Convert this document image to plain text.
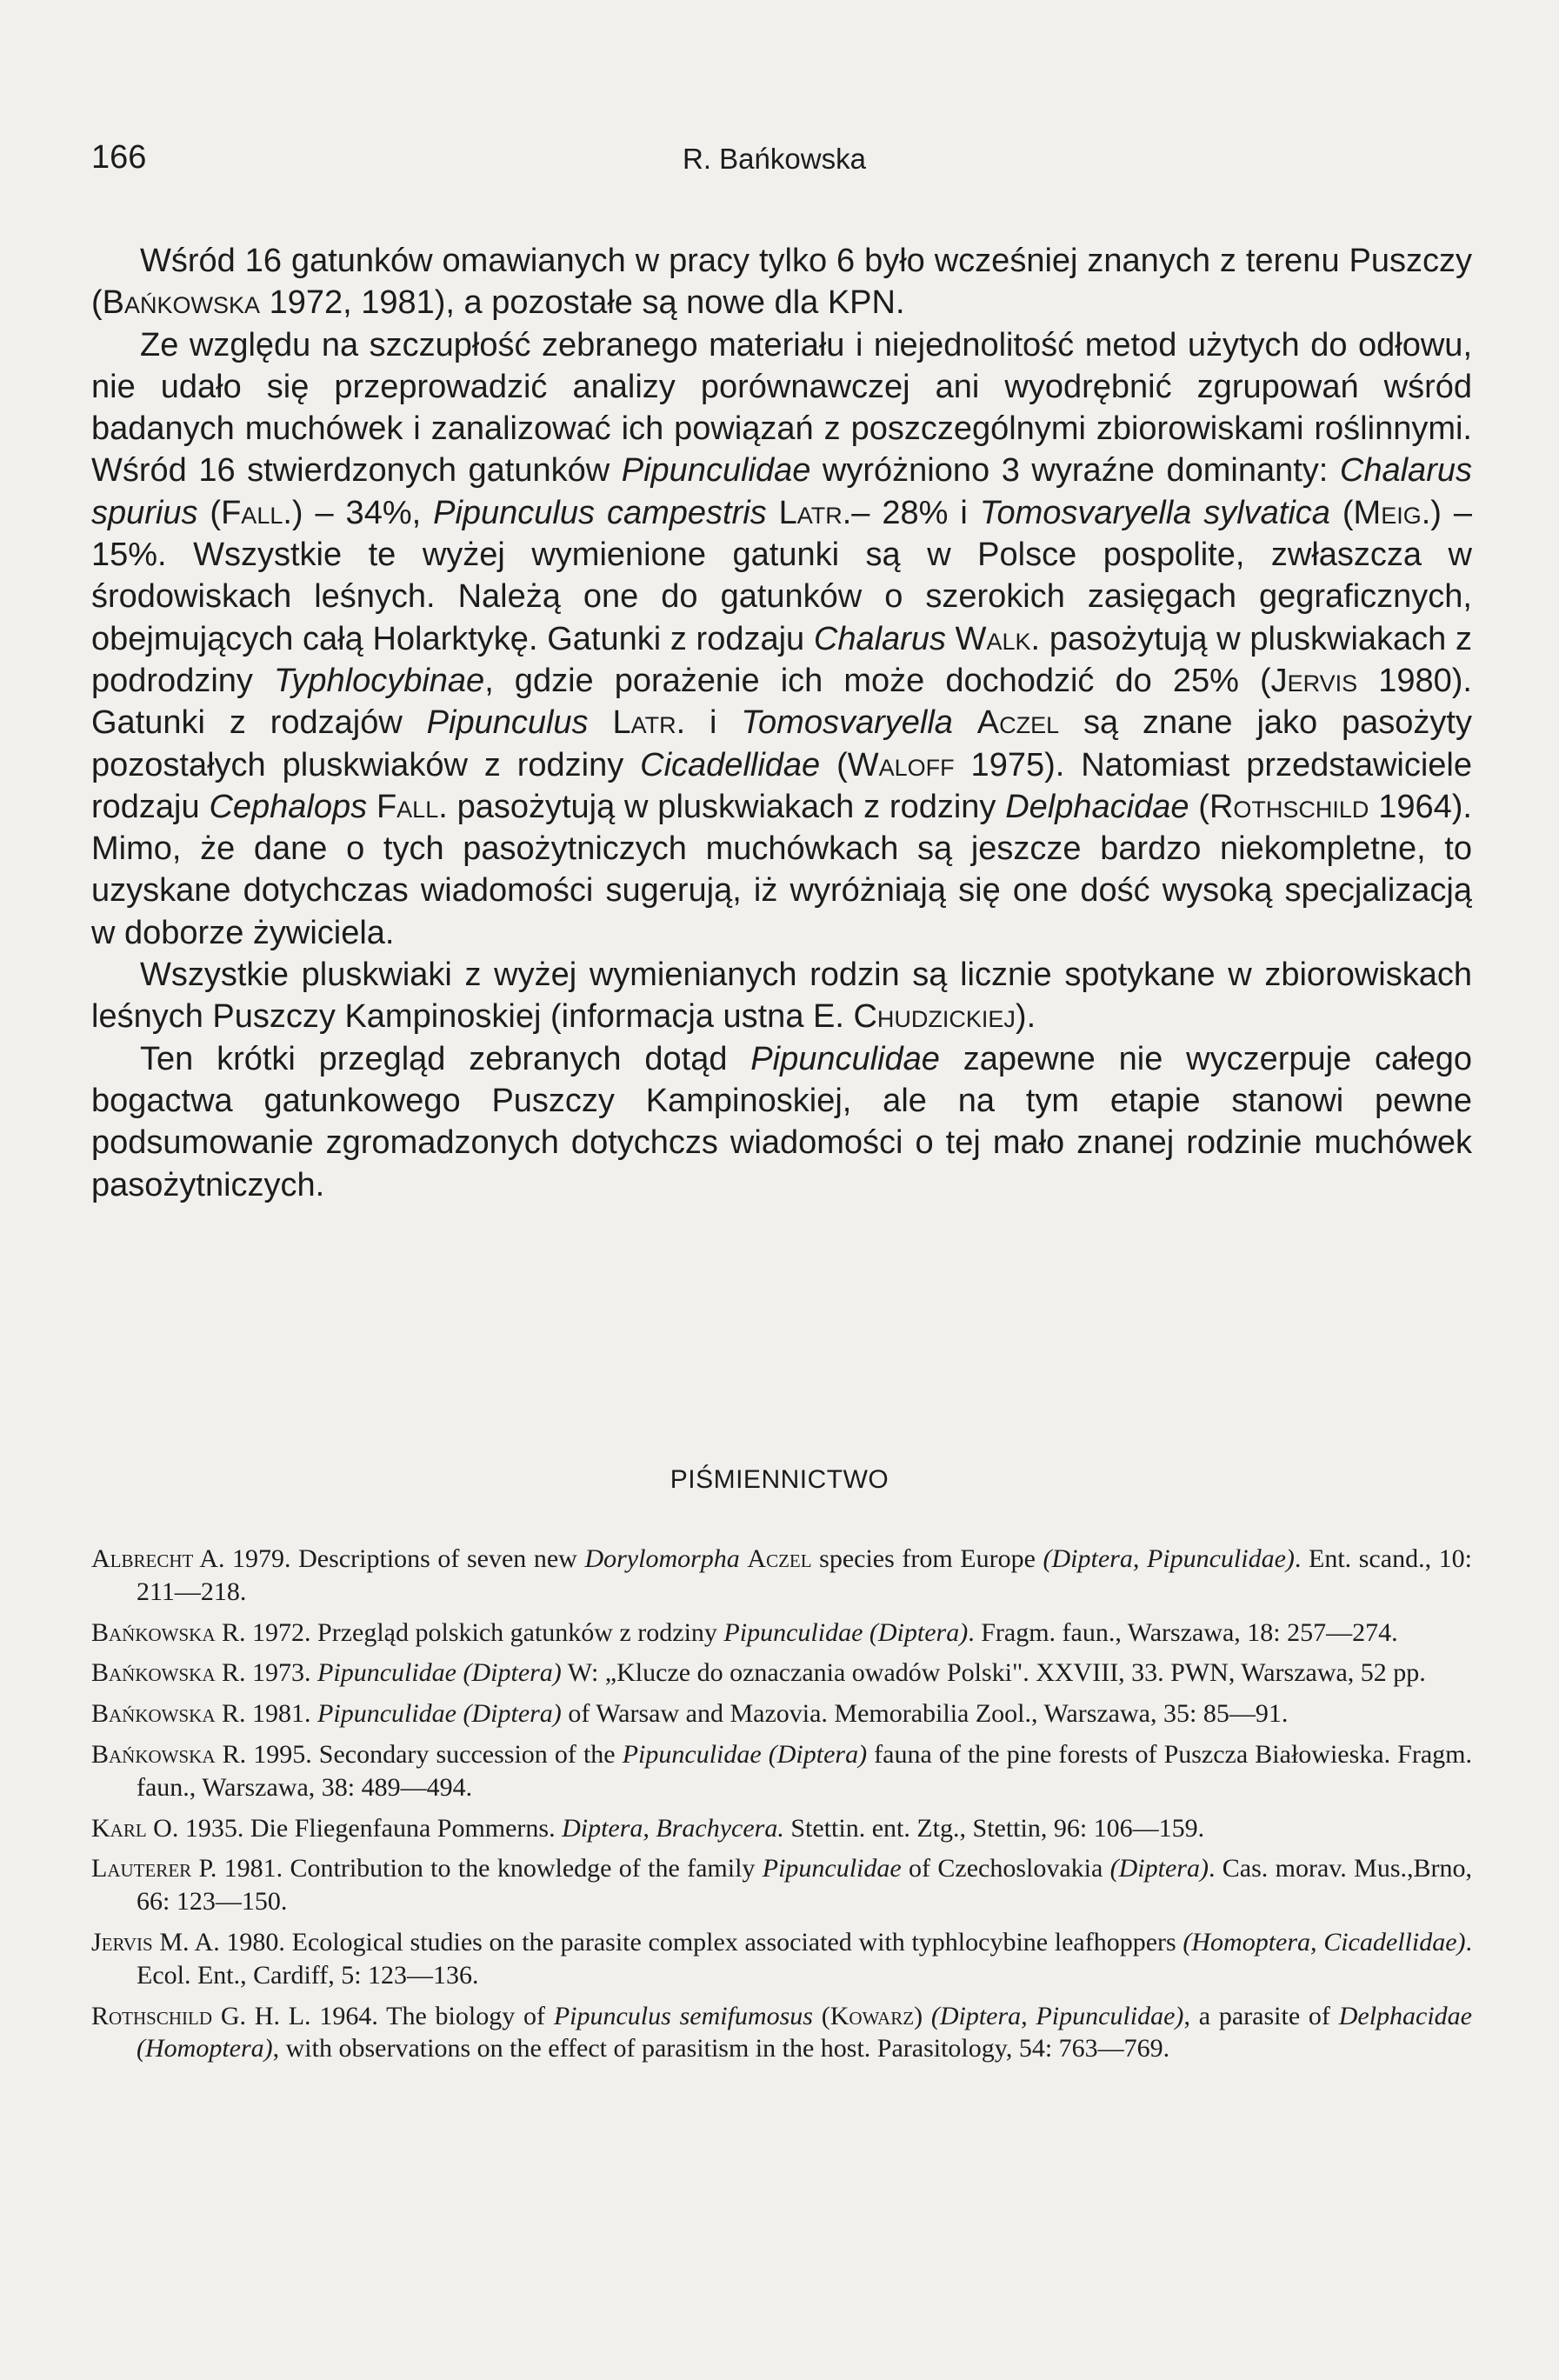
166	R. Bańkowska

Wśród 16 gatunków omawianych w pracy tylko 6 było wcześniej znanych z terenu Puszczy (Bańkowska 1972, 1981), a pozostałe są nowe dla KPN.

Ze względu na szczupłość zebranego materiału i niejednolitość metod użytych do odłowu, nie udało się przeprowadzić analizy porównawczej ani wyodrębnić zgrupowań wśród badanych muchówek i zanalizować ich powiązań z poszczególnymi zbiorowiskami roślinnymi. Wśród 16 stwierdzonych gatunków Pipunculidae wyróżniono 3 wyraźne dominanty: Chalarus spurius (Fall.) – 34%, Pipunculus campestris Latr.– 28% i Tomosvaryella sylvatica (Meig.) – 15%. Wszystkie te wyżej wymienione gatunki są w Polsce pospolite, zwłaszcza w środowiskach leśnych. Należą one do gatunków o szerokich zasięgach gegraficznych, obejmujących całą Holarktykę. Gatunki z rodzaju Chalarus Walk. pasożytują w pluskwiakach z podrodziny Typhlocybinae, gdzie porażenie ich może dochodzić do 25% (Jervis 1980). Gatunki z rodzajów Pipunculus Latr. i Tomosvaryella Aczel są znane jako pasożyty pozostałych pluskwiaków z rodziny Cicadellidae (Waloff 1975). Natomiast przedstawiciele rodzaju Cephalops Fall. pasożytują w pluskwiakach z rodziny Delphacidae (Rothschild 1964). Mimo, że dane o tych pasożytniczych muchówkach są jeszcze bardzo niekompletne, to uzyskane dotychczas wiadomości sugerują, iż wyróżniają się one dość wysoką specjalizacją w doborze żywiciela.

Wszystkie pluskwiaki z wyżej wymienianych rodzin są licznie spotykane w zbiorowiskach leśnych Puszczy Kampinoskiej (informacja ustna E. Chudzickiej).

Ten krótki przegląd zebranych dotąd Pipunculidae zapewne nie wyczerpuje całego bogactwa gatunkowego Puszczy Kampinoskiej, ale na tym etapie stanowi pewne podsumowanie zgromadzonych dotychczs wiadomości o tej mało znanej rodzinie muchówek pasożytniczych.

PIŚMIENNICTWO

Albrecht A. 1979. Descriptions of seven new Dorylomorpha Aczel species from Europe (Diptera, Pipunculidae). Ent. scand., 10: 211—218.

Bańkowska R. 1972. Przegląd polskich gatunków z rodziny Pipunculidae (Diptera). Fragm. faun., Warszawa, 18: 257—274.

Bańkowska R. 1973. Pipunculidae (Diptera) W: „Klucze do oznaczania owadów Polski". XXVIII, 33. PWN, Warszawa, 52 pp.

Bańkowska R. 1981. Pipunculidae (Diptera) of Warsaw and Mazovia. Memorabilia Zool., Warszawa, 35: 85—91.

Bańkowska R. 1995. Secondary succession of the Pipunculidae (Diptera) fauna of the pine forests of Puszcza Białowieska. Fragm. faun., Warszawa, 38: 489—494.

Karl O. 1935. Die Fliegenfauna Pommerns. Diptera, Brachycera. Stettin. ent. Ztg., Stettin, 96: 106—159.

Lauterer P. 1981. Contribution to the knowledge of the family Pipunculidae of Czechoslovakia (Diptera). Cas. morav. Mus.,Brno, 66: 123—150.

Jervis M. A. 1980. Ecological studies on the parasite complex associated with typhlocybine leafhoppers (Homoptera, Cicadellidae). Ecol. Ent., Cardiff, 5: 123—136.

Rothschild G. H. L. 1964. The biology of Pipunculus semifumosus (Kowarz) (Diptera, Pipunculidae), a parasite of Delphacidae (Homoptera), with observations on the effect of parasitism in the host. Parasitology, 54: 763—769.
